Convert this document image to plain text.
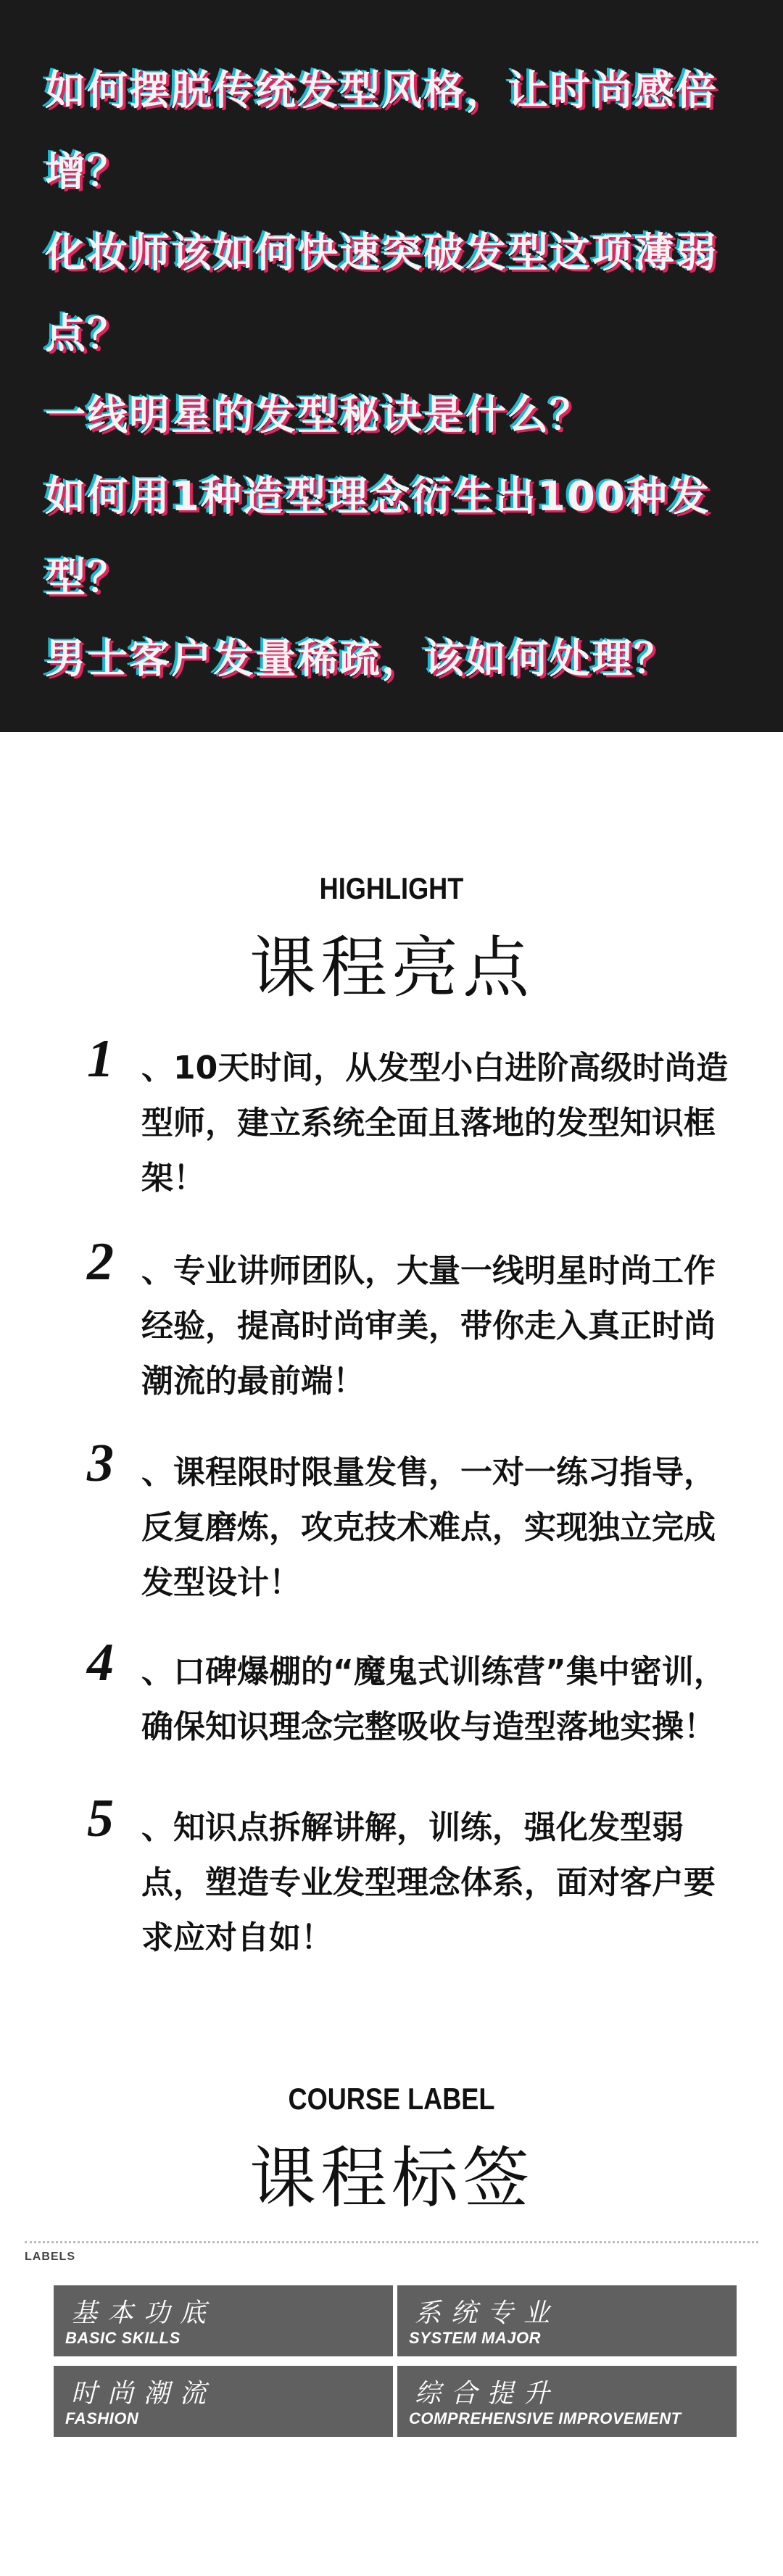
如何摆脱传统发型风格，让时尚感倍
增？
化妆师该如何快速突破发型这项薄弱
点？
一线明星的发型秘诀是什么？
如何用1种造型理念衍生出100种发
型？
男士客户发量稀疏，该如何处理？
HIGHLIGHT
课程亮点
1 、10天时间，从发型小白进阶高级时尚造型师，建立系统全面且落地的发型知识框架！

2 、专业讲师团队，大量一线明星时尚工作经验，提高时尚审美，带你走入真正时尚潮流的最前端！

3 、课程限时限量发售，一对一练习指导，反复磨炼，攻克技术难点，实现独立完成发型设计！

4 、口碑爆棚的“魔鬼式训练营”集中密训，确保知识理念完整吸收与造型落地实操！

5 、知识点拆解讲解，训练，强化发型弱点，塑造专业发型理念体系，面对客户要求应对自如！

COURSE LABEL
课程标签
LABELS
基本功底
BASIC SKILLS
系统专业
SYSTEM MAJOR
时尚潮流
FASHION
综合提升
COMPREHENSIVE IMPROVEMENT
